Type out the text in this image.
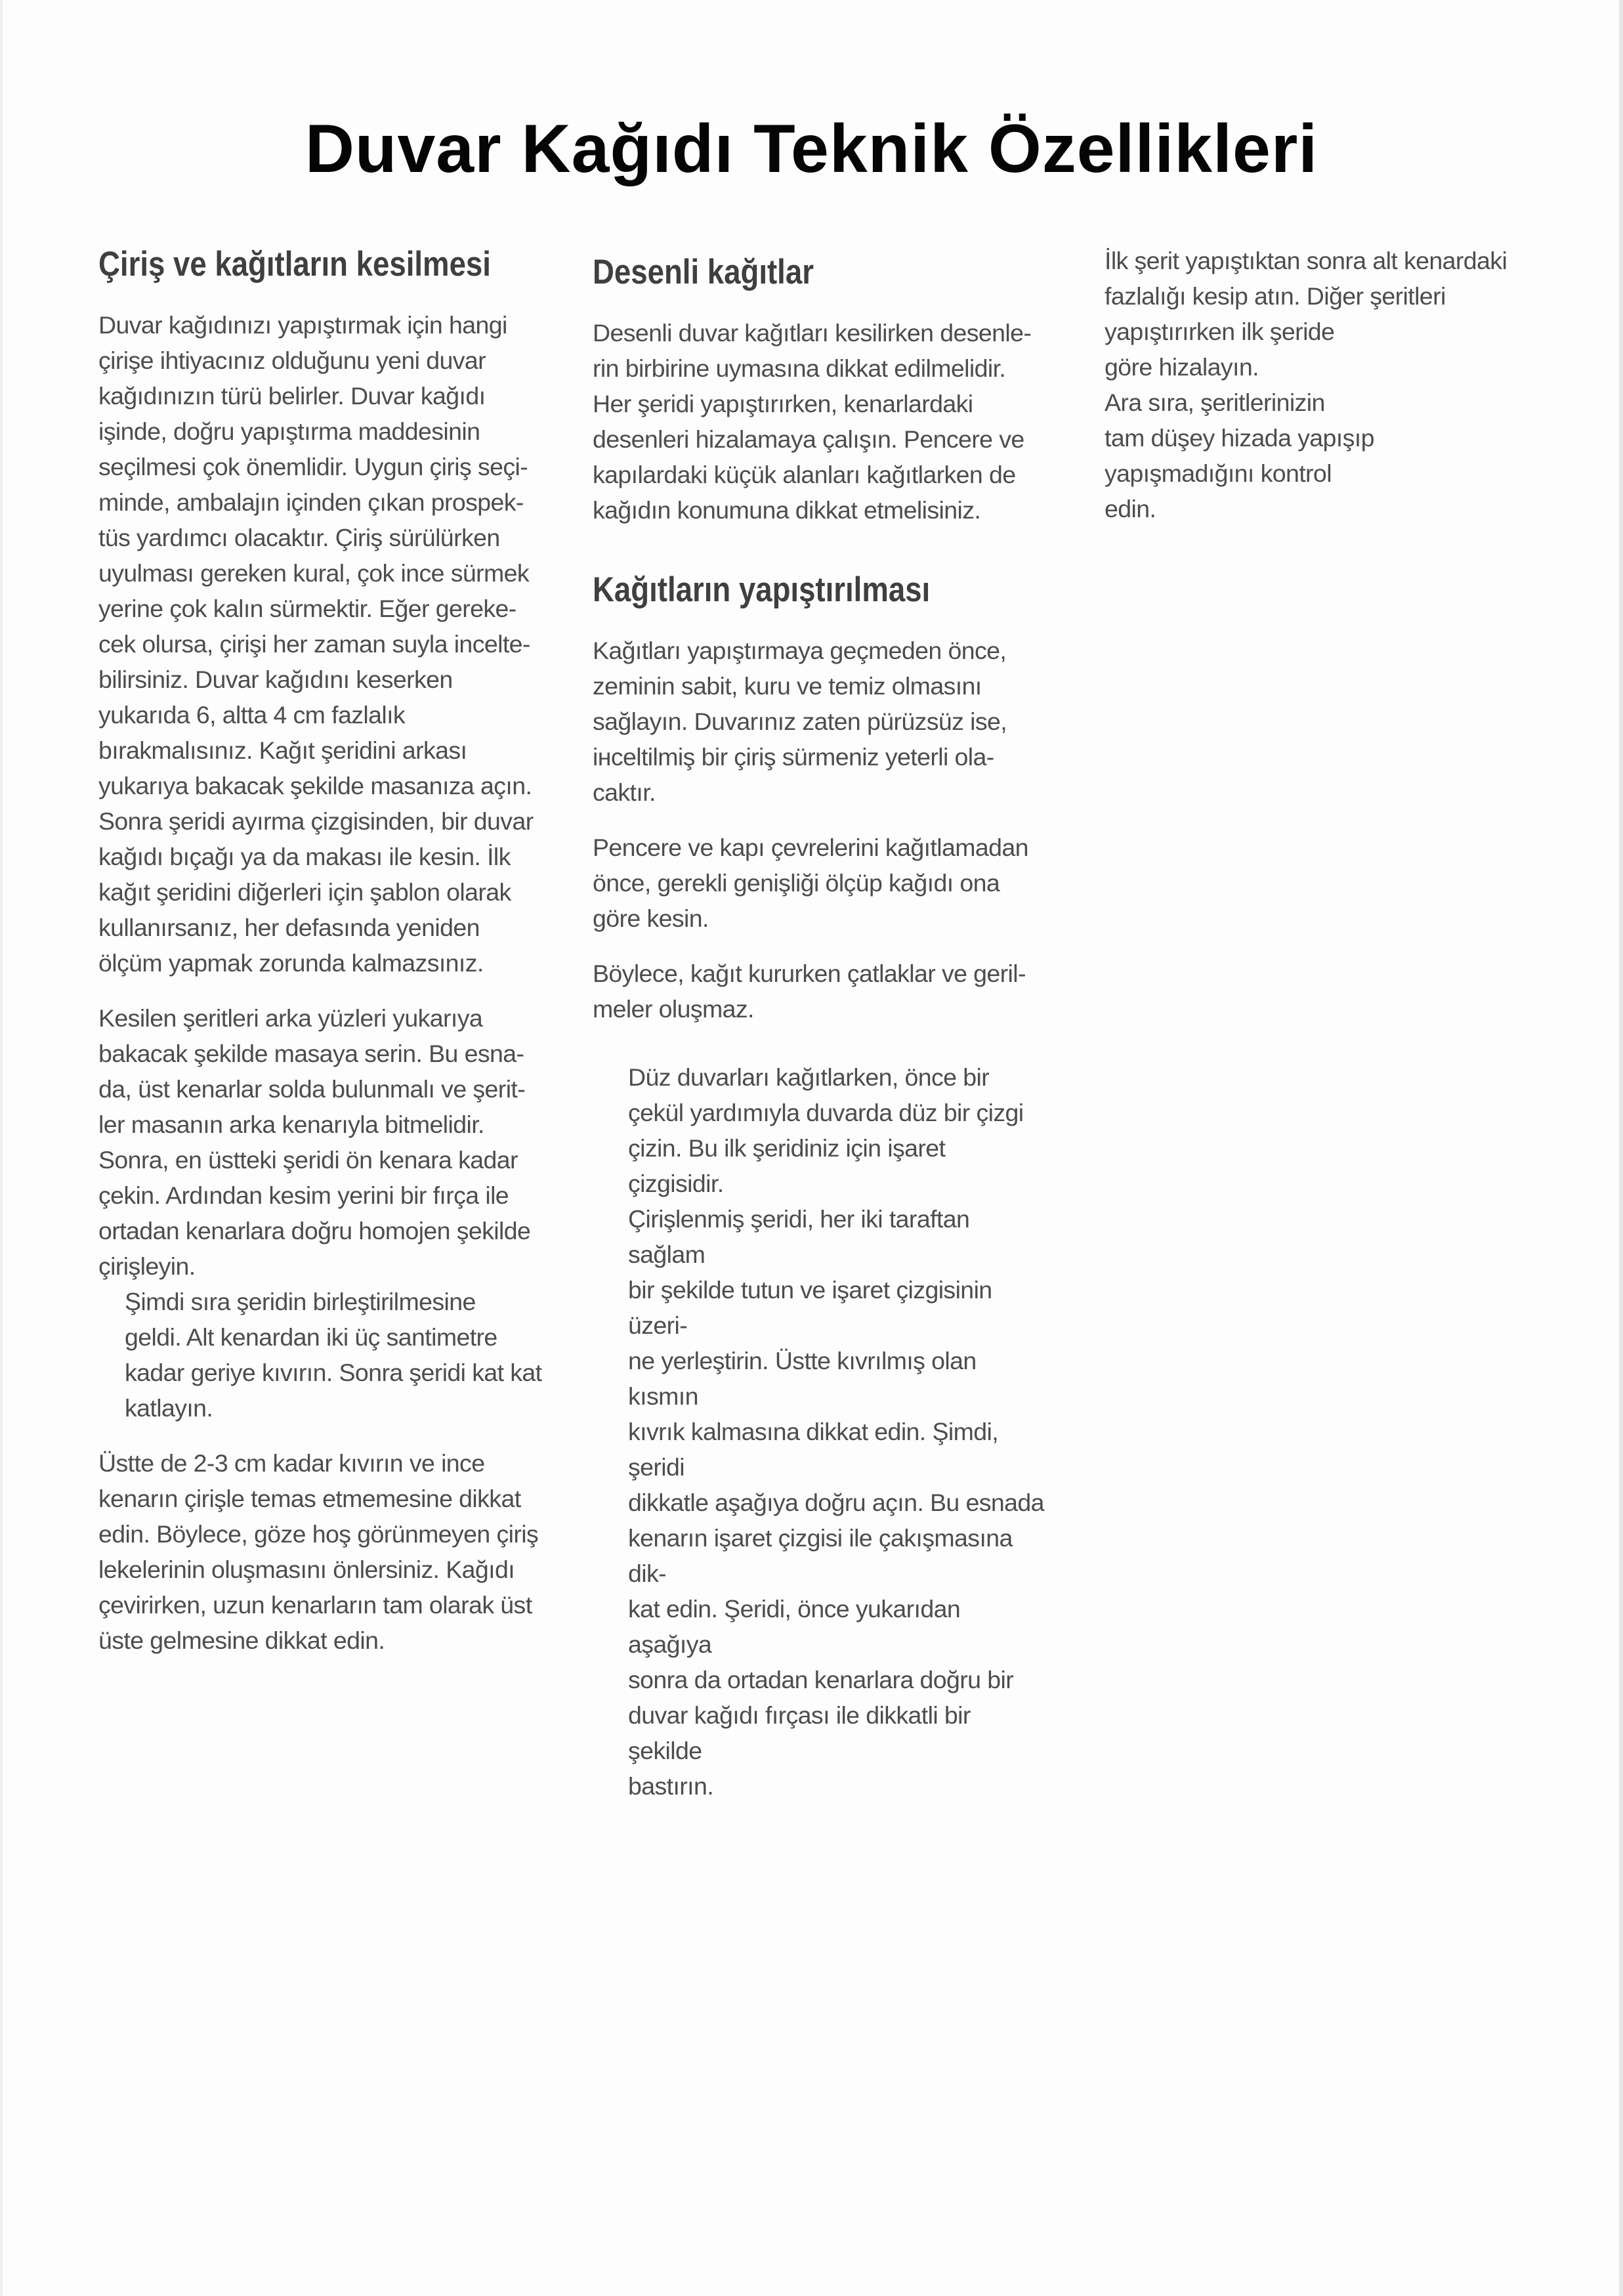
Duvar Kağıdı Teknik Özellikleri
Çiriş ve kağıtların kesilmesi

Duvar kağıdınızı yapıştırmak için hangi
çirişe ihtiyacınız olduğunu yeni duvar
kağıdınızın türü belirler. Duvar kağıdı
işinde, doğru yapıştırma maddesinin
seçilmesi çok önemlidir. Uygun çiriş seçi-
minde, ambalajın içinden çıkan prospek-
tüs yardımcı olacaktır. Çiriş sürülürken
uyulması gereken kural, çok ince sürmek
yerine çok kalın sürmektir. Eğer gereke-
cek olursa, çirişi her zaman suyla incelte-
bilirsiniz. Duvar kağıdını keserken
yukarıda 6, altta 4 cm fazlalık
bırakmalısınız. Kağıt şeridini arkası
yukarıya bakacak şekilde masanıza açın.
Sonra şeridi ayırma çizgisinden, bir duvar
kağıdı bıçağı ya da makası ile kesin. İlk
kağıt şeridini diğerleri için şablon olarak
kullanırsanız, her defasında yeniden
ölçüm yapmak zorunda kalmazsınız.

Kesilen şeritleri arka yüzleri yukarıya
bakacak şekilde masaya serin. Bu esna-
da, üst kenarlar solda bulunmalı ve şerit-
ler masanın arka kenarıyla bitmelidir.
Sonra, en üstteki şeridi ön kenara kadar
çekin. Ardından kesim yerini bir fırça ile
ortadan kenarlara doğru homojen şekilde
çirişleyin.

Şimdi sıra şeridin birleştirilmesine
geldi. Alt kenardan iki üç santimetre
kadar geriye kıvırın. Sonra şeridi kat kat
katlayın.

Üstte de 2-3 cm kadar kıvırın ve ince
kenarın çirişle temas etmemesine dikkat
edin. Böylece, göze hoş görünmeyen çiriş
lekelerinin oluşmasını önlersiniz. Kağıdı
çevirirken, uzun kenarların tam olarak üst
üste gelmesine dikkat edin.

Desenli kağıtlar

Desenli duvar kağıtları kesilirken desenle-
rin birbirine uymasına dikkat edilmelidir.
Her şeridi yapıştırırken, kenarlardaki
desenleri hizalamaya çalışın. Pencere ve
kapılardaki küçük alanları kağıtlarken de
kağıdın konumuna dikkat etmelisiniz.

Kağıtların yapıştırılması

Kağıtları yapıştırmaya geçmeden önce,
zeminin sabit, kuru ve temiz olmasını
sağlayın. Duvarınız zaten pürüzsüz ise,
інceltilmiş bir çiriş sürmeniz yeterli ola-
caktır.

Pencere ve kapı çevrelerini kağıtlamadan
önce, gerekli genişliği ölçüp kağıdı ona
göre kesin.

Böylece, kağıt kururken çatlaklar ve geril-
meler oluşmaz.

Düz duvarları kağıtlarken, önce bir
çekül yardımıyla duvarda düz bir çizgi
çizin. Bu ilk şeridiniz için işaret çizgisidir.
Çirişlenmiş şeridi, her iki taraftan sağlam
bir şekilde tutun ve işaret çizgisinin üzeri-
ne yerleştirin. Üstte kıvrılmış olan kısmın
kıvrık kalmasına dikkat edin. Şimdi, şeridi
dikkatle aşağıya doğru açın. Bu esnada
kenarın işaret çizgisi ile çakışmasına dik-
kat edin. Şeridi, önce yukarıdan aşağıya
sonra da ortadan kenarlara doğru bir
duvar kağıdı fırçası ile dikkatli bir şekilde
bastırın.

İlk şerit yapıştıktan sonra alt kenardaki
fazlalığı kesip atın. Diğer şeritleri
yapıştırırken ilk şeride
göre hizalayın.

Ara sıra, şeritlerinizin
tam düşey hizada yapışıp
yapışmadığını kontrol
edin.
